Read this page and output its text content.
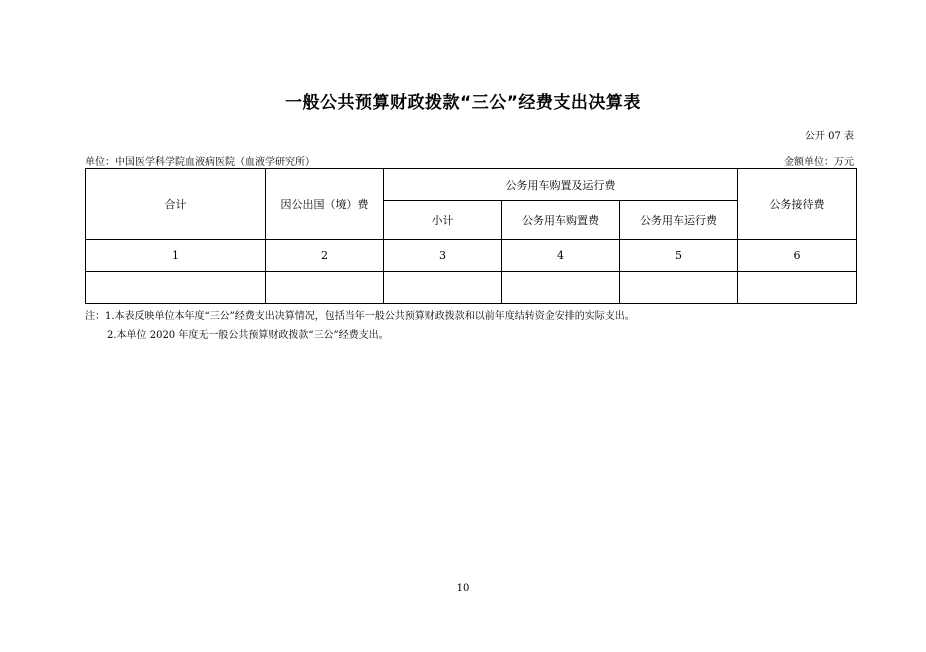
一般公共预算财政拨款“三公”经费支出决算表
公开 07 表
单位：中国医学科学院血液病医院（血液学研究所）	金额单位：万元
合计	因公出国（境）费	公务用车购置及运行费			公务接待费
		小计	公务用车购置费	公务用车运行费	
1	2	3	4	5	6

注：1.本表反映单位本年度“三公”经费支出决算情况，包括当年一般公共预算财政拨款和以前年度结转资金安排的实际支出。
2.本单位 2020 年度无一般公共预算财政拨款“三公”经费支出。
10
